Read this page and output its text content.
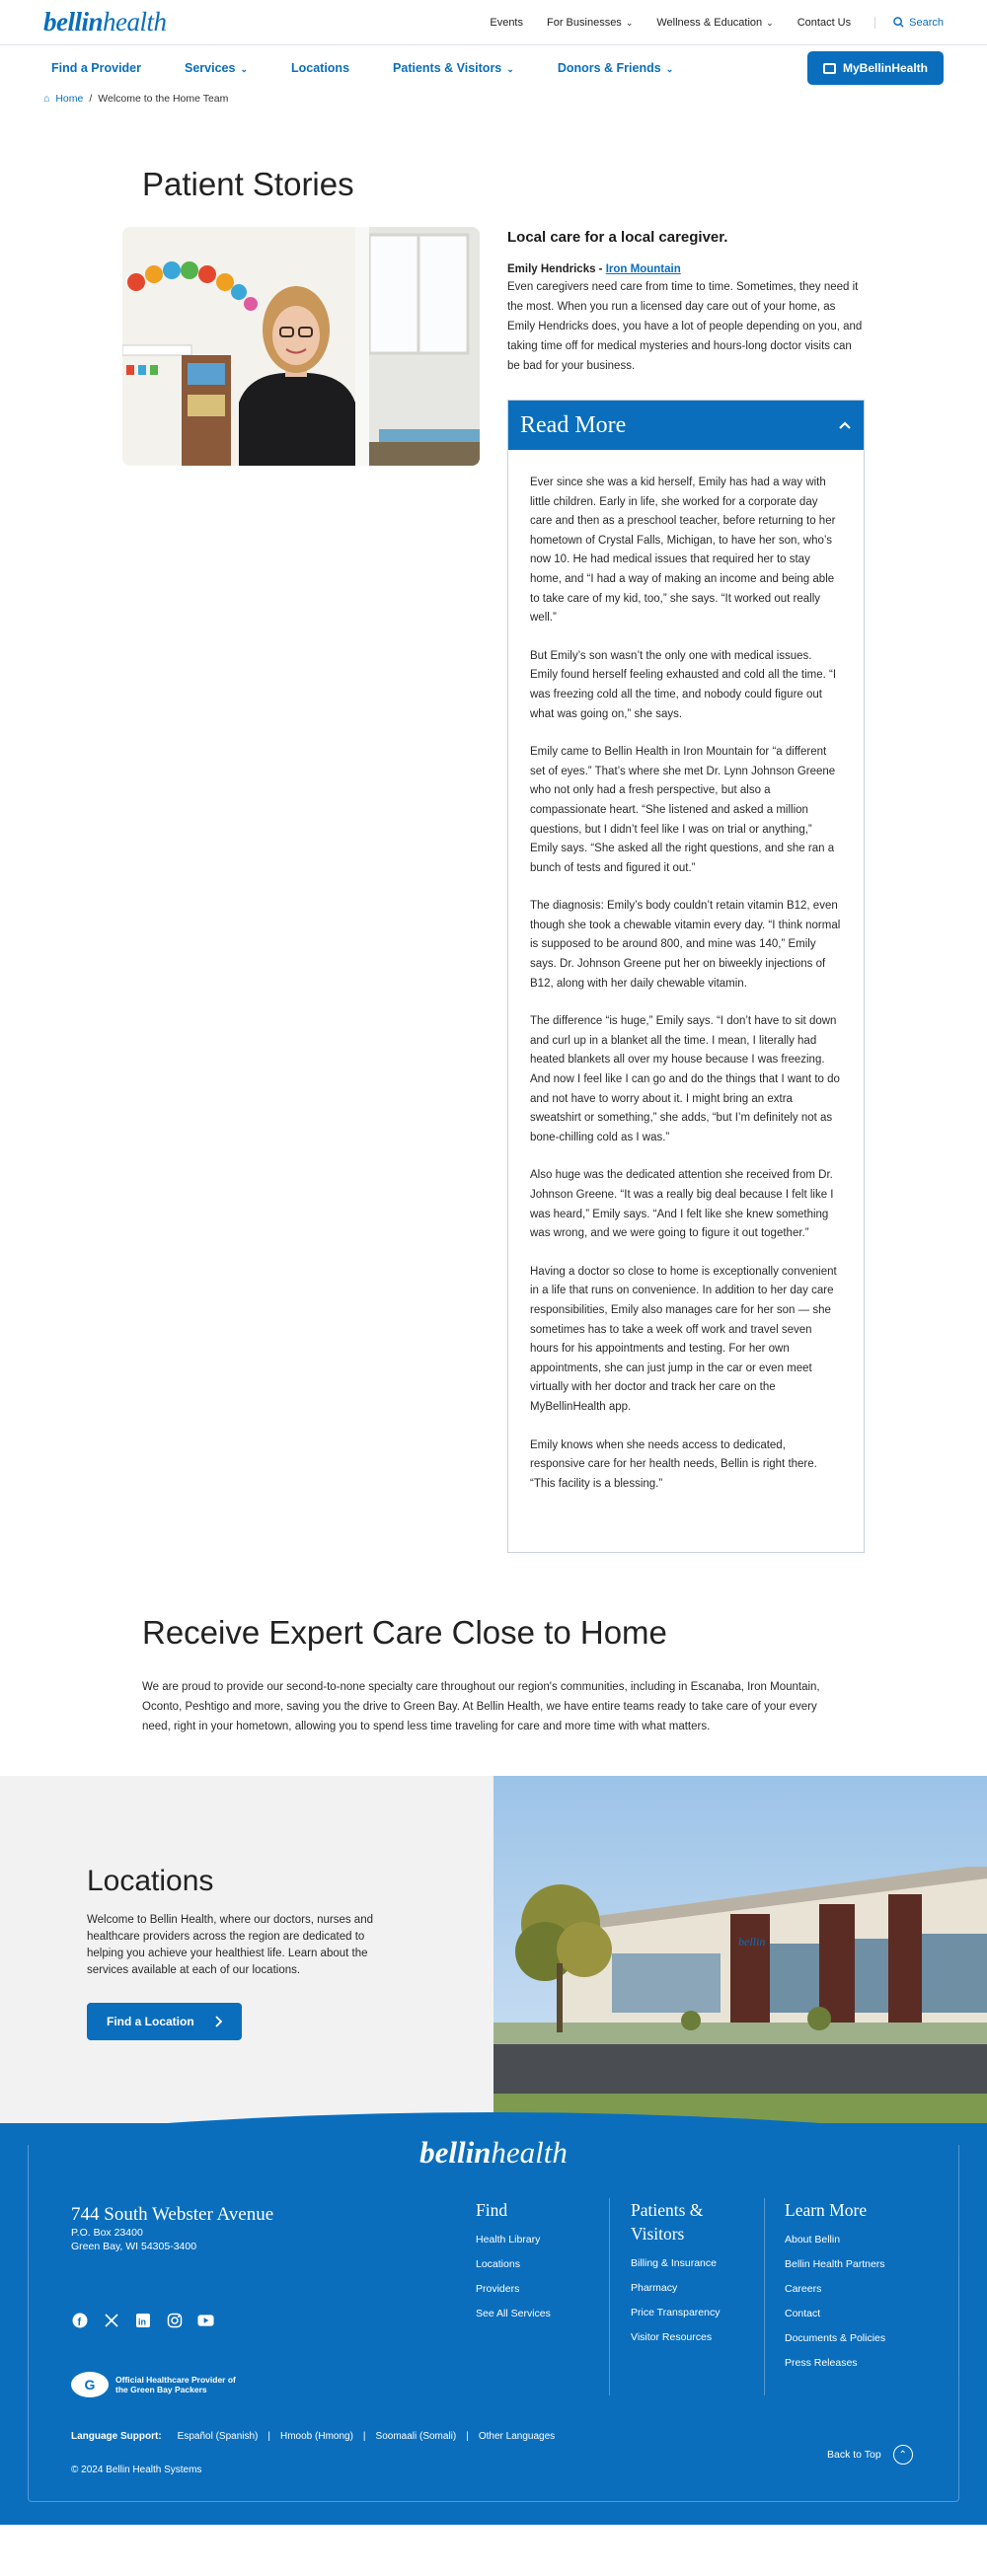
bellinhealth	Events For Businesses ⌄ Wellness & Education ⌄ Contact Us	Search
Find a Provider	Services ⌄	Locations	Patients & Visitors ⌄	Donors & Friends ⌄	MyBellinHealth
⌂ Home / Welcome to the Home Team
Patient Stories
Local care for a local caregiver.
Emily Hendricks - Iron Mountain

Even caregivers need care from time to time. Sometimes, they need it the most. When you run a licensed day care out of your home, as Emily Hendricks does, you have a lot of people depending on you, and taking time off for medical mysteries and hours-long doctor visits can be bad for your business.

Read More

Ever since she was a kid herself, Emily has had a way with little children. Early in life, she worked for a corporate day care and then as a preschool teacher, before returning to her hometown of Crystal Falls, Michigan, to have her son, who’s now 10. He had medical issues that required her to stay home, and “I had a way of making an income and being able to take care of my kid, too,” she says. “It worked out really well.”

But Emily’s son wasn’t the only one with medical issues. Emily found herself feeling exhausted and cold all the time. “I was freezing cold all the time, and nobody could figure out what was going on,” she says.

Emily came to Bellin Health in Iron Mountain for “a different set of eyes.” That’s where she met Dr. Lynn Johnson Greene who not only had a fresh perspective, but also a compassionate heart. “She listened and asked a million questions, but I didn’t feel like I was on trial or anything,” Emily says. “She asked all the right questions, and she ran a bunch of tests and figured it out.”

The diagnosis: Emily’s body couldn’t retain vitamin B12, even though she took a chewable vitamin every day. “I think normal is supposed to be around 800, and mine was 140,” Emily says. Dr. Johnson Greene put her on biweekly injections of B12, along with her daily chewable vitamin.

The difference “is huge,” Emily says. “I don’t have to sit down and curl up in a blanket all the time. I mean, I literally had heated blankets all over my house because I was freezing. And now I feel like I can go and do the things that I want to do and not have to worry about it. I might bring an extra sweatshirt or something,” she adds, “but I’m definitely not as bone-chilling cold as I was.”

Also huge was the dedicated attention she received from Dr. Johnson Greene. “It was a really big deal because I felt like I was heard,” Emily says. “And I felt like she knew something was wrong, and we were going to figure it out together.”

Having a doctor so close to home is exceptionally convenient in a life that runs on convenience. In addition to her day care responsibilities, Emily also manages care for her son — she sometimes has to take a week off work and travel seven hours for his appointments and testing. For her own appointments, she can just jump in the car or even meet virtually with her doctor and track her care on the MyBellinHealth app.

Emily knows when she needs access to dedicated, responsive care for her health needs, Bellin is right there. “This facility is a blessing.”

Receive Expert Care Close to Home

We are proud to provide our second-to-none specialty care throughout our region's communities, including in Escanaba, Iron Mountain, Oconto, Peshtigo and more, saving you the drive to Green Bay. At Bellin Health, we have entire teams ready to take care of your every need, right in your hometown, allowing you to spend less time traveling for care and more time with what matters.

Locations

Welcome to Bellin Health, where our doctors, nurses and healthcare providers across the region are dedicated to helping you achieve your healthiest life. Learn about the services available at each of our locations.

Find a Location
bellin
bellinhealth
744 South Webster Avenue
P.O. Box 23400
Green Bay, WI 54305-3400
f	in
G	Official Healthcare Provider of
the Green Bay Packers
Find
Health Library
Locations
Providers
See All Services
Patients & Visitors
Billing & Insurance
Pharmacy
Price Transparency
Visitor Resources
Learn More
About Bellin
Bellin Health Partners
Careers
Contact
Documents & Policies
Press Releases
Language Support: Español (Spanish) | Hmoob (Hmong) | Soomaali (Somali) | Other Languages
© 2024 Bellin Health Systems
Back to Top	⌃
